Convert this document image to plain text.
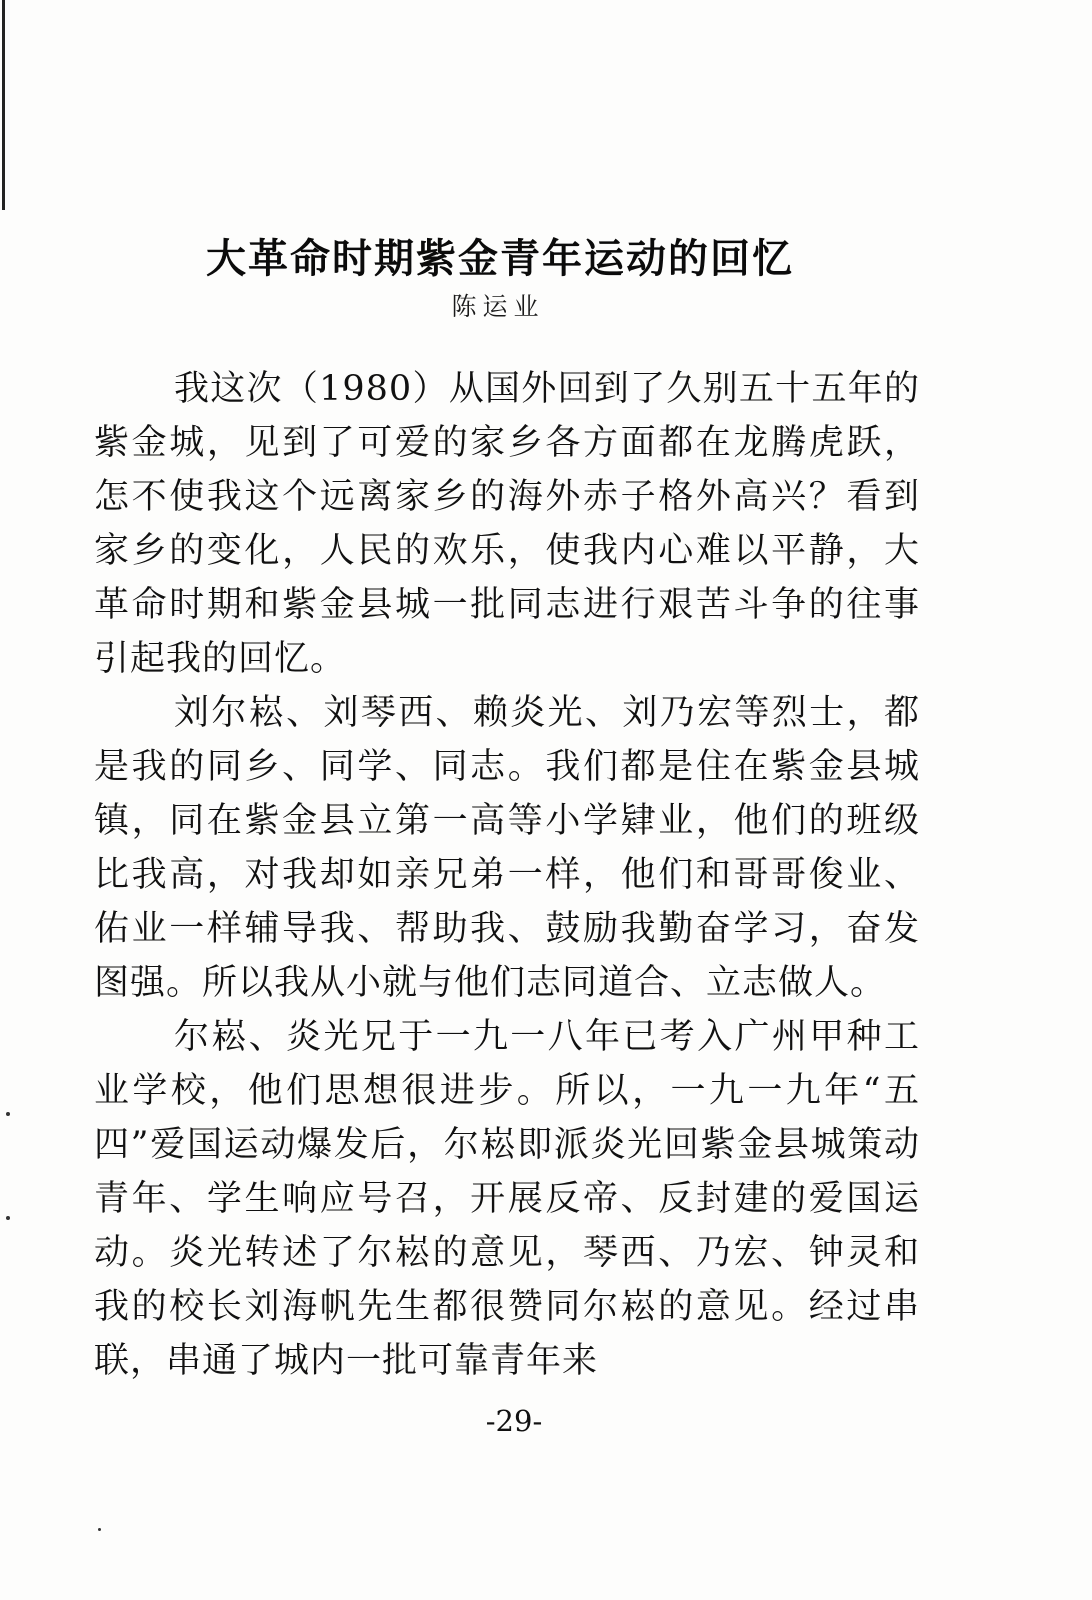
大革命时期紫金青年运动的回忆
陈运业

我这次（1980）从国外回到了久别五十五年的紫金城，见到了可爱的家乡各方面都在龙腾虎跃，怎不使我这个远离家乡的海外赤子格外高兴？看到家乡的变化，人民的欢乐，使我内心难以平静，大革命时期和紫金县城一批同志进行艰苦斗争的往事引起我的回忆。

刘尔崧、刘琴西、赖炎光、刘乃宏等烈士，都是我的同乡、同学、同志。我们都是住在紫金县城镇，同在紫金县立第一高等小学肄业，他们的班级比我高，对我却如亲兄弟一样，他们和哥哥俊业、佑业一样辅导我、帮助我、鼓励我勤奋学习，奋发图强。所以我从小就与他们志同道合、立志做人。

尔崧、炎光兄于一九一八年已考入广州甲种工业学校，他们思想很进步。所以，一九一九年“五四”爱国运动爆发后，尔崧即派炎光回紫金县城策动青年、学生响应号召，开展反帝、反封建的爱国运动。炎光转述了尔崧的意见，琴西、乃宏、钟灵和我的校长刘海帆先生都很赞同尔崧的意见。经过串联，串通了城内一批可靠青年来

-29-
